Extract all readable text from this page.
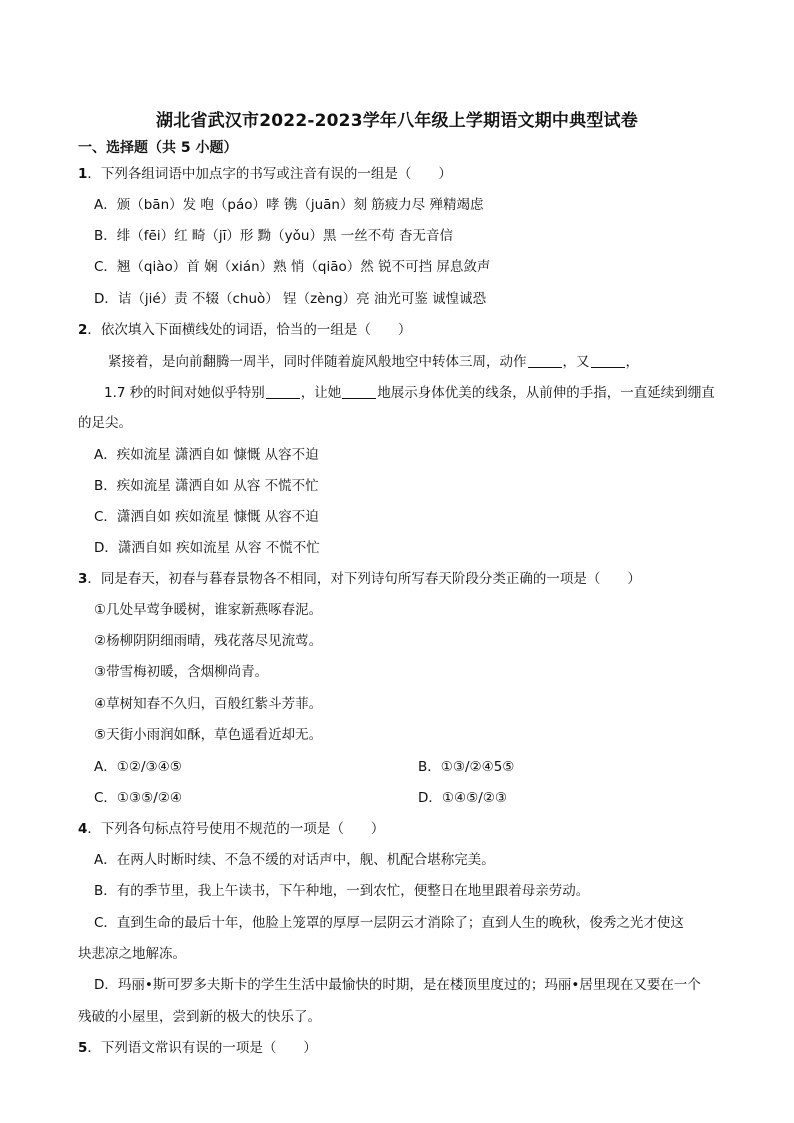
湖北省武汉市2022-2023学年八年级上学期语文期中典型试卷
一、选择题（共 5 小题）
1．下列各组词语中加点字的书写或注音有误的一组是（　　）
A．颁（bān）发 咆（páo）哮 镌（juān）刻 筋疲力尽 殚精竭虑
B．绯（fēi）红 畸（jī）形 黝（yǒu）黑 一丝不苟 杳无音信
C．翘（qiào）首 娴（xián）熟 悄（qiāo）然 锐不可挡 屏息敛声
D．诘（jié）责 不辍（chuò） 锃（zèng）亮 油光可鉴 诚惶诚恐
2．依次填入下面横线处的词语，恰当的一组是（　　）
紧接着，是向前翻腾一周半，同时伴随着旋风般地空中转体三周，动作	，又	，
1.7 秒的时间对她似乎特别	，让她	地展示身体优美的线条，从前伸的手指，一直延续到绷直
的足尖。
A．疾如流星 潇洒自如 慷慨 从容不迫
B．疾如流星 潇洒自如 从容 不慌不忙
C．潇洒自如 疾如流星 慷慨 从容不迫
D．潇洒自如 疾如流星 从容 不慌不忙
3．同是春天，初春与暮春景物各不相同，对下列诗句所写春天阶段分类正确的一项是（　　）
①几处早莺争暖树，谁家新燕啄春泥。
②杨柳阴阴细雨晴，残花落尽见流莺。
③带雪梅初暖，含烟柳尚青。
④草树知春不久归，百般红紫斗芳菲。
⑤天街小雨润如酥，草色遥看近却无。
A．①②/③④⑤	B．①③/②④5⑤
C．①③⑤/②④	D．①④⑤/②③
4．下列各句标点符号使用不规范的一项是（　　）
A．在两人时断时续、不急不缓的对话声中，舰、机配合堪称完美。
B．有的季节里，我上午读书，下午种地，一到农忙，便整日在地里跟着母亲劳动。
C．直到生命的最后十年，他脸上笼罩的厚厚一层阴云才消除了；直到人生的晚秋，俊秀之光才使这
块悲凉之地解冻。
D．玛丽•斯可罗多夫斯卡的学生生活中最愉快的时期，是在楼顶里度过的；玛丽•居里现在又要在一个
残破的小屋里，尝到新的极大的快乐了。
5．下列语文常识有误的一项是（　　）
